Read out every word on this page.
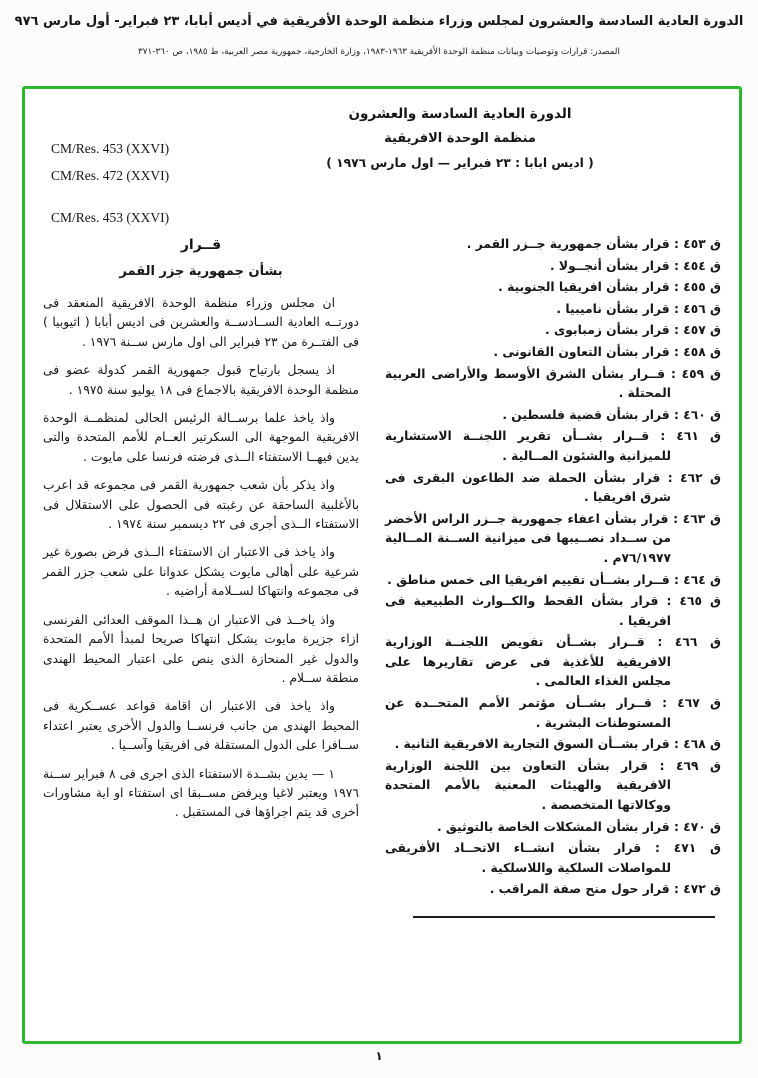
الدورة العادية السادسة والعشرون لمجلس وزراء منظمة الوحدة الأفريقية في أديس أبابا، ٢٣ فبراير- أول مارس ٩٧٦
المصدر: قرارات وتوصيات وبيانات منظمة الوحدة الأفريقية ١٩٦٣-١٩٨٣، وزارة الخارجية، جمهورية مصر العربية، ط ١٩٨٥، ص ٣٦٠-٣٧١
الدورة العادية السادسة والعشرون
منظمة الوحدة الافريقية
( اديس ابابا : ٢٣ فبراير — اول مارس ١٩٧٦ )
CM/Res. 453 (XXVI)
CM/Res. 472 (XXVI)
CM/Res. 453 (XXVI)
ق ٤٥٣ : قرار بشأن جمهورية جــزر القمر .
ق ٤٥٤ : قرار بشأن أنجــولا .
ق ٤٥٥ : قرار بشأن افريقيا الجنوبية .
ق ٤٥٦ : قرار بشأن ناميبيا .
ق ٤٥٧ : قرار بشأن زمبابوى .
ق ٤٥٨ : قرار بشأن التعاون القانونى .
ق ٤٥٩ : قــرار بشأن الشرق الأوسط والأراضى العربية المحتلة .
ق ٤٦٠ : قرار بشأن قضية فلسطين .
ق ٤٦١ : قــرار بشــأن تقرير اللجنــة الاستشارية للميزانية والشئون المــالية .
ق ٤٦٢ : قرار بشأن الحملة ضد الطاعون البقرى فى شرق افريقيا .
ق ٤٦٣ : قرار بشأن اعفاء جمهورية جــزر الراس الأخضر من ســداد نصــيبها فى ميزانية الســنة المــالية ٧٦/١٩٧٧م .
ق ٤٦٤ : قــرار بشــأن تقييم افريقيا الى خمس مناطق .
ق ٤٦٥ : قرار بشأن القحط والكــوارث الطبيعية فى افريقيا .
ق ٤٦٦ : قــرار بشــأن تفويض اللجنــة الوزارية الافريقية للأغذية فى عرض تقاريرها على مجلس الغذاء العالمى .
ق ٤٦٧ : قــرار بشــأن مؤتمر الأمم المتحــدة عن المستوطنات البشرية .
ق ٤٦٨ : قرار بشــأن السوق التجارية الافريقية الثانية .
ق ٤٦٩ : قرار بشأن التعاون بين اللجنة الوزارية الافريقية والهيئات المعنية بالأمم المتحدة ووكالاتها المتخصصة .
ق ٤٧٠ : قرار بشأن المشكلات الخاصة بالتوثيق .
ق ٤٧١ : قرار بشأن انشــاء الاتحــاد الأفريقى للمواصلات السلكية واللاسلكية .
ق ٤٧٢ : قرار حول منح صفة المراقب .
قــرار
بشأن جمهورية جزر القمر
ان مجلس وزراء منظمة الوحدة الافريقية المنعقد فى دورتــه العادية الســادســة والعشرين فى اديس أبابا ( اثيوبيا ) فى الفتــرة من ٢٣ فبراير الى اول مارس ســنة ١٩٧٦ .
اذ يسجل بارتياح قبول جمهورية القمر كدولة عضو فى منظمة الوحدة الافريقية بالاجماع فى ١٨ يوليو سنة ١٩٧٥ .
واذ ياخذ علما برســالة الرئيس الحالى لمنظمــة الوحدة الافريقية الموجهة الى السكرتير العــام للأمم المتحدة والتى يدين فيهــا الاستفتاء الــذى فرضته فرنسا على مايوت .
واذ يذكر بأن شعب جمهورية القمر فى مجموعه قد اعرب بالأغلبية الساحقة عن رغبته فى الحصول على الاستقلال فى الاستفتاء الــذى أجرى فى ٢٢ ديسمبر سنة ١٩٧٤ .
واذ ياخذ فى الاعتبار ان الاستفتاء الــذى فرض بصورة غير شرعية على أهالى مايوت يشكل عدوانا على شعب جزر القمر فى مجموعه وانتهاكا لســلامة أراضيه .
واذ ياخــذ فى الاعتبار ان هــذا الموقف العدائى الفرنسى ازاء جزيرة مايوت يشكل انتهاكا صريحا لمبدأ الأمم المتحدة والدول غير المنحازة الذى ينص على اعتبار المحيط الهندى منطقة ســلام .
واذ ياخذ فى الاعتبار ان اقامة قواعد عســكرية فى المحيط الهندى من جانب فرنســا والدول الأخرى يعتبر اعتداء ســافرا على الدول المستقلة فى افريقيا وآســيا .
١ — يدين بشــدة الاستفتاء الذى اجرى فى ٨ فبراير ســنة ١٩٧٦ ويعتبر لاغيا ويرفض مســبقا اى استفتاء او اية مشاورات أخرى قد يتم اجراؤها فى المستقبل .
١
